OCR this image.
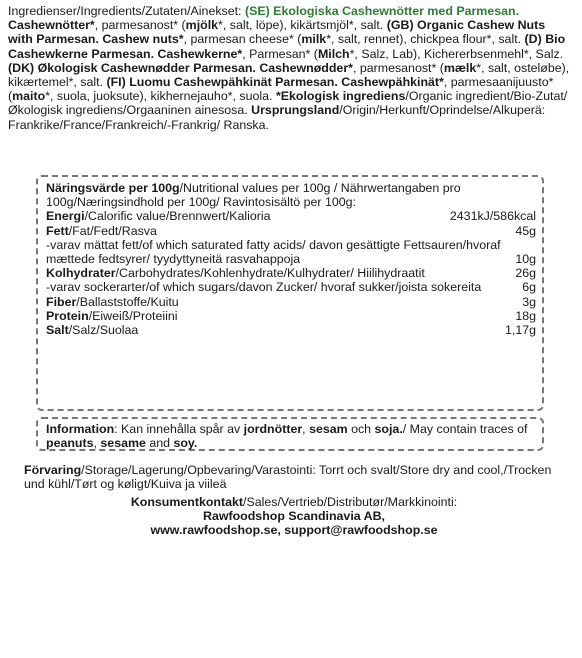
Ingredienser/Ingredients/Zutaten/Ainekset: (SE) Ekologiska Cashewnötter med Parmesan. Cashewnötter*, parmesanost* (mjölk*, salt, löpe), kikärtsmjöl*, salt. (GB) Organic Cashew Nuts with Parmesan. Cashew nuts*, parmesan cheese* (milk*, salt, rennet), chickpea flour*, salt. (D) Bio Cashewkerne Parmesan. Cashewkerne*, Parmesan* (Milch*, Salz, Lab), Kichererbsenmehl*, Salz. (DK) Økologisk Cashewnødder Parmesan. Cashewnødder*, parmesanost* (mælk*, salt, osteløbe), kikærtemel*, salt. (FI) Luomu Cashewpähkinät Parmesan. Cashewpähkinät*, parmesaanijuusto* (maito*, suola, juoksute), kikhernejauho*, suola. *Ekologisk ingrediens/Organic ingredient/Bio-Zutat/Økologisk ingrediens/Orgaaninen ainesosa. Ursprungsland/Origin/Herkunft/Oprindelse/Alkuperä: Frankrike/France/Frankreich/-Frankrig/ Ranska.
Näringsvärde per 100g/Nutritional values per 100g / Nährwertangaben pro 100g/Næringsindhold per 100g/ Ravintosisältö per 100g:
Energi/Calorific value/Brennwert/Kalioria	2431kJ/586kcal
Fett/Fat/Fedt/Rasva	45g
-varav mättat fett/of which saturated fatty acids/ davon gesättigte Fettsauren/hvoraf mættede fedtsyrer/ tyydyttyneitä rasvahappoja	10g
Kolhydrater/Carbohydrates/Kohlenhydrate/Kulhydrater/ Hiilihydraatit	26g
-varav sockerarter/of which sugars/davon Zucker/ hvoraf sukker/joista sokereita	6g
Fiber/Ballaststoffe/Kuitu	3g
Protein/Eiweiß/Proteiini	18g
Salt/Salz/Suolaa	1,17g
Information: Kan innehålla spår av jordnötter, sesam och soja./ May contain traces of peanuts, sesame and soy.
Förvaring/Storage/Lagerung/Opbevaring/Varastointi: Torrt och svalt/Store dry and cool,/Trocken und kühl/Tørt og køligt/Kuiva ja viileä
Konsumentkontakt/Sales/Vertrieb/Distributør/Markkinointi:
Rawfoodshop Scandinavia AB,
www.rawfoodshop.se, support@rawfoodshop.se
